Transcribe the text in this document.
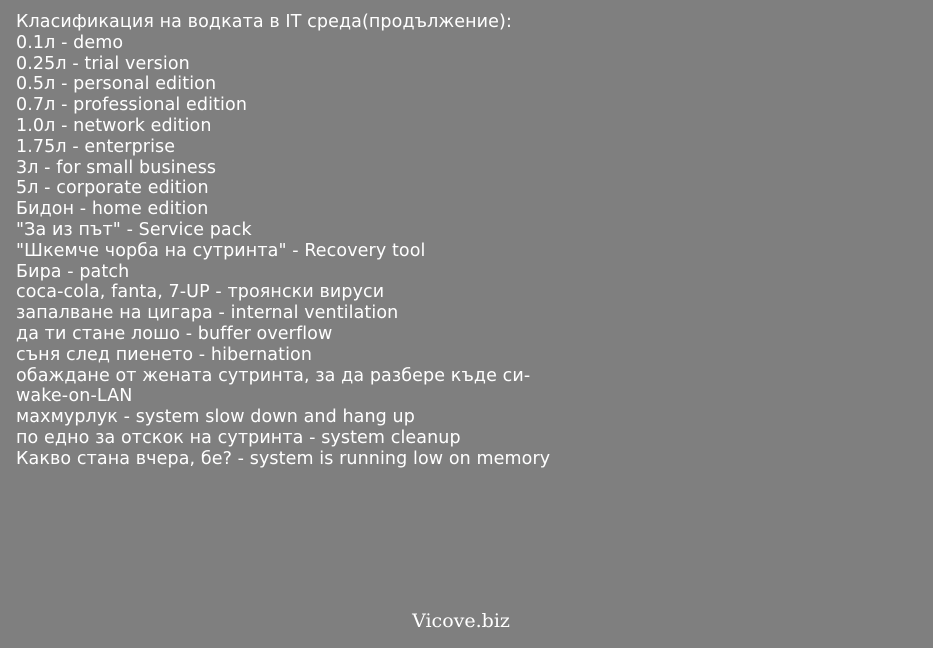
Класификация на водката в IT среда(продължение):
0.1л - demo
0.25л - trial version
0.5л - personal edition
0.7л - professional edition
1.0л - network edition
1.75л - enterprise
3л - for small business
5л - corporate edition
Бидон - home edition
"За из път" - Service pack
"Шкемче чорба на сутринта" - Recovery tool
Бира - patch
coca-cola, fanta, 7-UP - троянски вируси
запалване на цигара - internal ventilation
да ти стане лошо - buffer overflow
съня след пиенето - hibernation
обаждане от жената сутринта, за да разбере къде си-
wake-on-LAN
махмурлук - system slow down and hang up
по едно за отскок на сутринта - system cleanup
Какво стана вчера, бе? - system is running low on memory
Vicove.biz
